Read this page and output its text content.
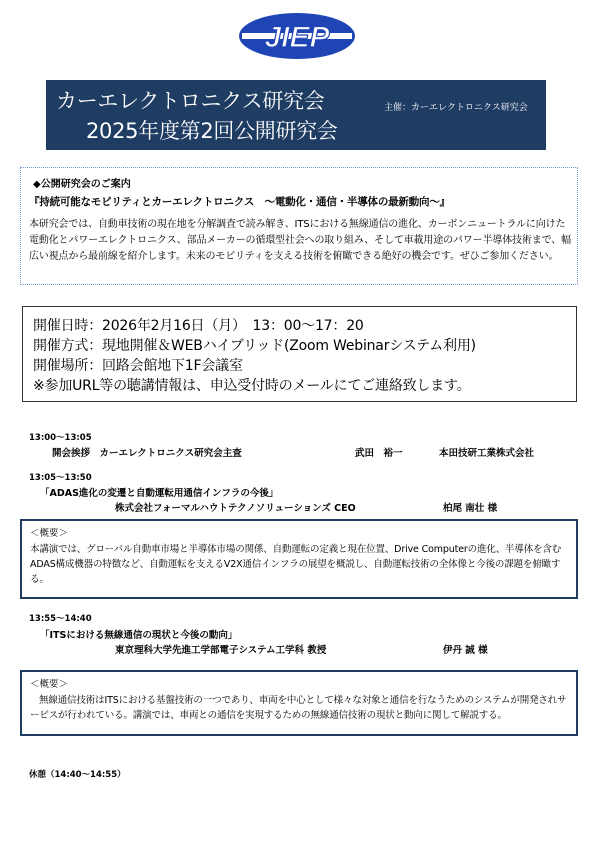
JIEP
カーエレクトロニクス研究会
2025年度第2回公開研究会
主催：カーエレクトロニクス研究会
◆公開研究会のご案内
『持続可能なモビリティとカーエレクトロニクス　～電動化・通信・半導体の最新動向～』
本研究会では、自動車技術の現在地を分解調査で読み解き、ITSにおける無線通信の進化、カーボンニュートラルに向けた電動化とパワーエレクトロニクス、部品メーカーの循環型社会への取り組み、そして車載用途のパワー半導体技術まで、幅広い視点から最前線を紹介します。未来のモビリティを支える技術を俯瞰できる絶好の機会です。ぜひご参加ください。
開催日時：2026年2月16日（月）　13：00～17：20
開催方式：現地開催＆WEBハイブリッド(Zoom Webinarシステム利用)
開催場所：回路会館地下1F会議室
※参加URL等の聴講情報は、申込受付時のメールにてご連絡致します。
13:00～13:05
開会挨拶　カーエレクトロニクス研究会主査	武田　裕一	本田技研工業株式会社
13:05～13:50
「ADAS進化の変遷と自動運転用通信インフラの今後」
株式会社フォーマルハウトテクノソリューションズ CEO	柏尾 南壮 様
＜概要＞
本講演では、グローバル自動車市場と半導体市場の関係、自動運転の定義と現在位置、Drive Computerの進化、半導体を含むADAS構成機器の特徴など、自動運転を支えるV2X通信インフラの展望を概説し、自動運転技術の全体像と今後の課題を俯瞰する。
13:55～14:40
「ITSにおける無線通信の現状と今後の動向」
東京理科大学先進工学部電子システム工学科 教授	伊丹 誠 様
＜概要＞
無線通信技術はITSにおける基盤技術の一つであり、車両を中心として様々な対象と通信を行なうためのシステムが開発されサービスが行われている。講演では、車両との通信を実現するための無線通信技術の現状と動向に関して解説する。
休憩（14:40～14:55）
